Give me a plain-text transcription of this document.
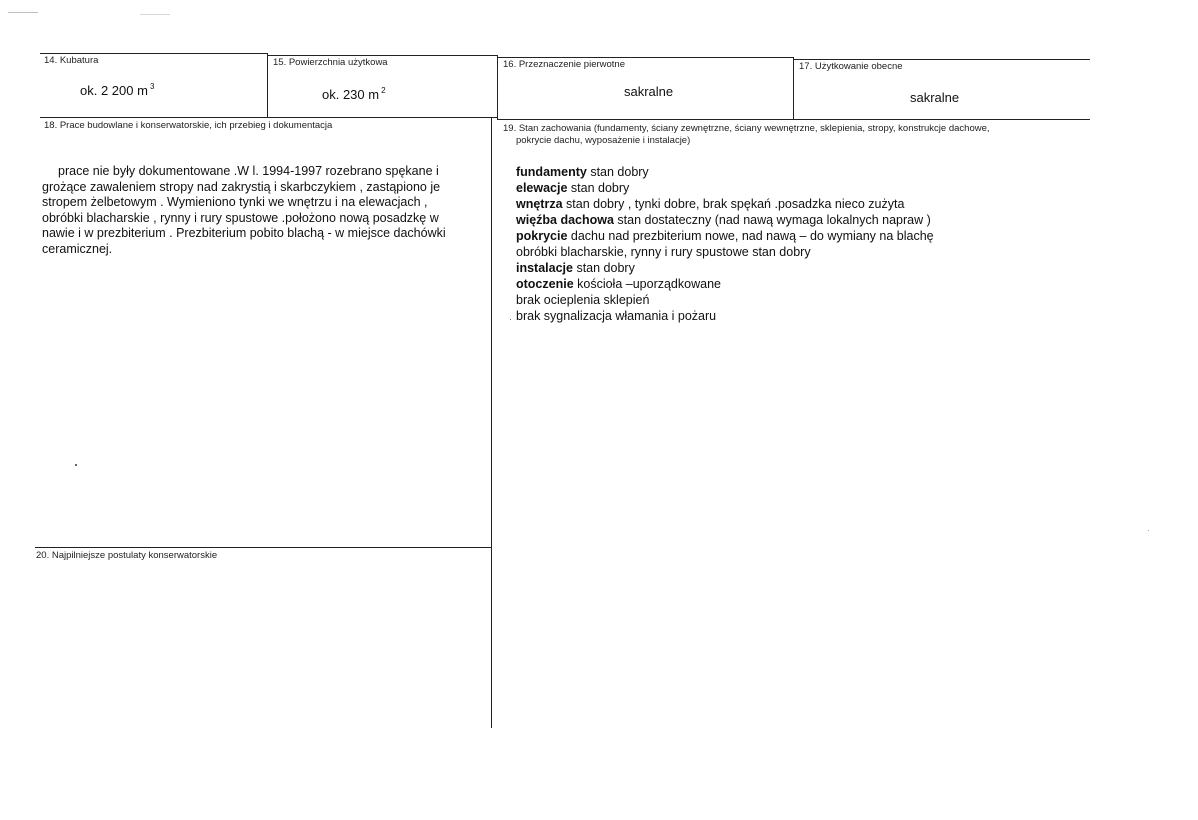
14. Kubatura
ok. 2 200 m $^3$
15. Powierzchnia użytkowa
ok. 230 m $^2$
16. Przeznaczenie pierwotne
sakralne
17. Użytkowanie obecne
sakralne
18. Prace budowlane i konserwatorskie, ich przebieg i dokumentacja
prace nie były dokumentowane .W l. 1994-1997 rozebrano spękane i
grożące zawaleniem stropy nad zakrystią i skarbczykiem , zastąpiono je
stropem żelbetowym . Wymieniono tynki we wnętrzu i na elewacjach ,
obróbki blacharskie , rynny i rury spustowe .położono nową posadzkę w
nawie i w prezbiterium . Prezbiterium pobito blachą - w miejsce dachówki
ceramicznej.
19. Stan zachowania (fundamenty, ściany zewnętrzne, ściany wewnętrzne, sklepienia, stropy, konstrukcje dachowe,
pokrycie dachu, wyposażenie i instalacje)
fundamenty stan dobry
elewacje stan dobry
wnętrza stan dobry , tynki dobre, brak spękań .posadzka nieco zużyta
więźba dachowa stan dostateczny (nad nawą wymaga lokalnych napraw )
pokrycie dachu nad prezbiterium nowe, nad nawą – do wymiany na blachę
obróbki blacharskie, rynny i rury spustowe stan dobry
instalacje stan dobry
otoczenie kościoła –uporządkowane
brak ocieplenia sklepień
brak sygnalizacja włamania i pożaru
20. Najpilniejsze postulaty konserwatorskie
